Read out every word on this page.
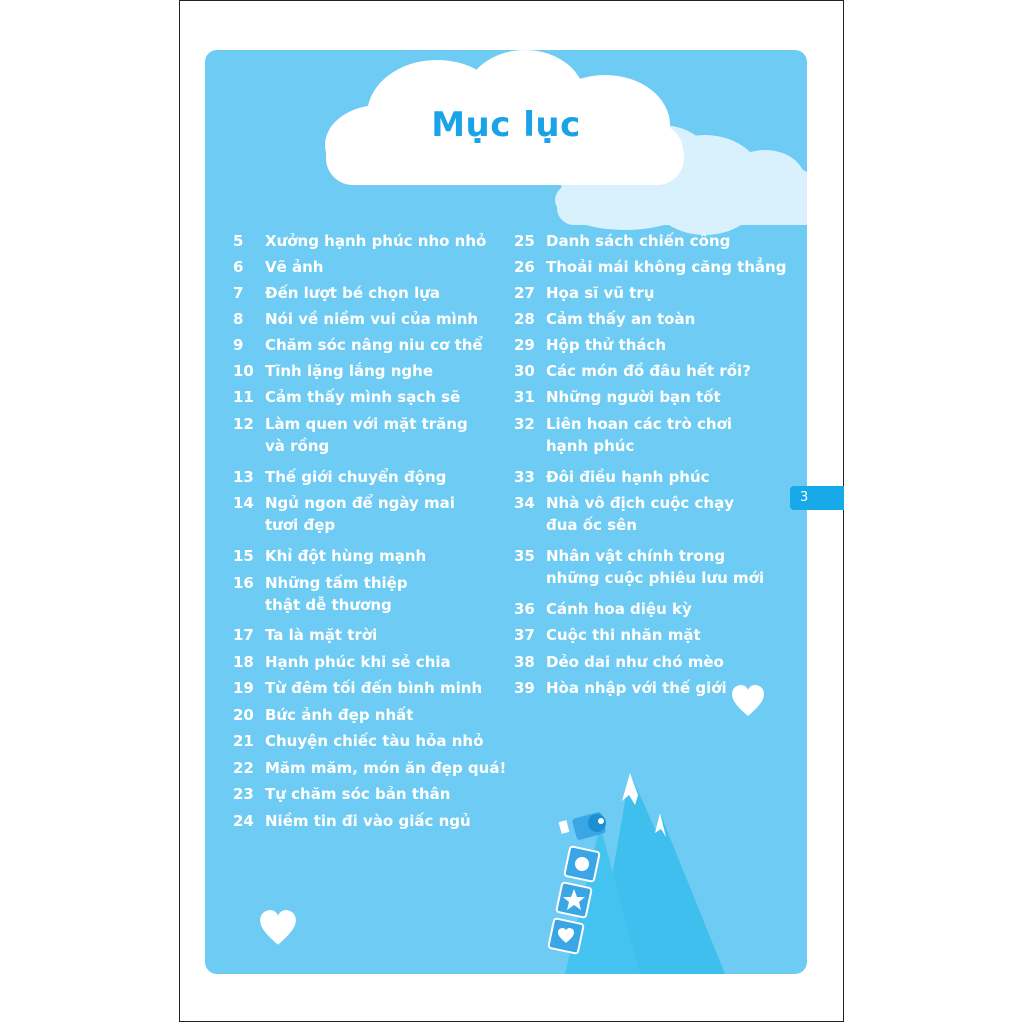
Mục lục
5	Xưởng hạnh phúc nho nhỏ
6	Vẽ ảnh
7	Đến lượt bé chọn lựa
8	Nói về niềm vui của mình
9	Chăm sóc nâng niu cơ thể
10 Tĩnh lặng lắng nghe
11 Cảm thấy mình sạch sẽ
12 Làm quen với mặt trăng
và rồng
13 Thế giới chuyển động
14 Ngủ ngon để ngày mai
tươi đẹp
15 Khỉ đột hùng mạnh
16 Những tấm thiệp
thật dễ thương
17 Ta là mặt trời
18 Hạnh phúc khi sẻ chia
19 Từ đêm tối đến bình minh
20 Bức ảnh đẹp nhất
21 Chuyện chiếc tàu hỏa nhỏ
22 Măm măm, món ăn đẹp quá!
23 Tự chăm sóc bản thân
24 Niềm tin đi vào giấc ngủ
25 Danh sách chiến công
26 Thoải mái không căng thẳng
27 Họa sĩ vũ trụ
28 Cảm thấy an toàn
29 Hộp thử thách
30 Các món đồ đâu hết rồi?
31 Những người bạn tốt
32 Liên hoan các trò chơi
hạnh phúc
33 Đôi điều hạnh phúc
34 Nhà vô địch cuộc chạy
đua ốc sên
35 Nhân vật chính trong
những cuộc phiêu lưu mới
36 Cánh hoa diệu kỳ
37 Cuộc thi nhăn mặt
38 Dẻo dai như chó mèo
39 Hòa nhập với thế giới
3
